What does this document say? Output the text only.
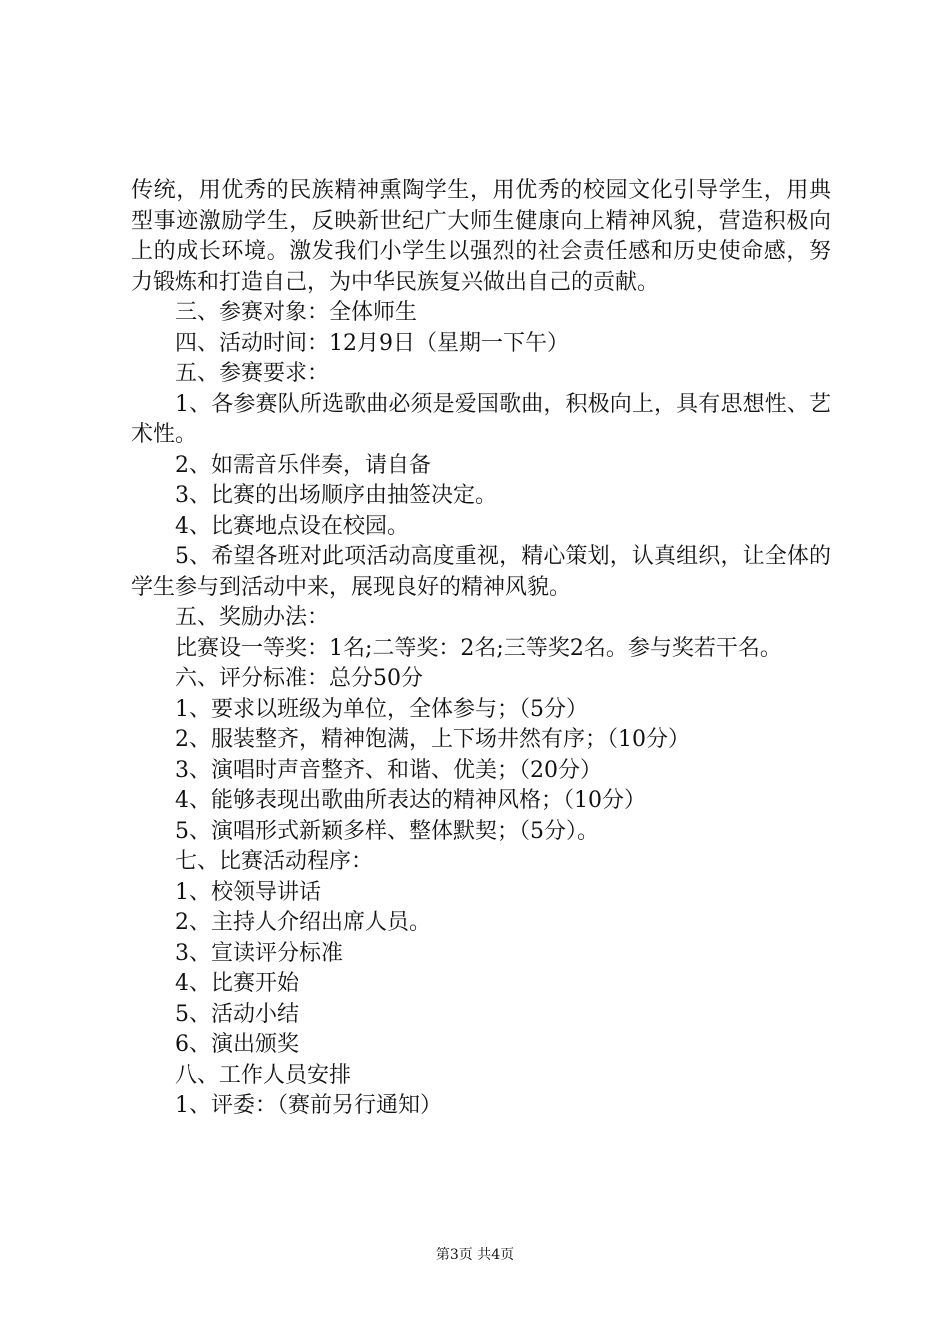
传统，用优秀的民族精神熏陶学生，用优秀的校园文化引导学生，用典型事迹激励学生，反映新世纪广大师生健康向上精神风貌，营造积极向上的成长环境。激发我们小学生以强烈的社会责任感和历史使命感，努力锻炼和打造自己，为中华民族复兴做出自己的贡献。

三、参赛对象：全体师生

四、活动时间：12月9日（星期一下午）

五、参赛要求：

1、各参赛队所选歌曲必须是爱国歌曲，积极向上，具有思想性、艺术性。

2、如需音乐伴奏，请自备

3、比赛的出场顺序由抽签决定。

4、比赛地点设在校园。

5、希望各班对此项活动高度重视，精心策划，认真组织，让全体的学生参与到活动中来，展现良好的精神风貌。

五、奖励办法：

比赛设一等奖：1名;二等奖：2名;三等奖2名。参与奖若干名。

六、评分标准：总分50分

1、要求以班级为单位，全体参与；（5分）

2、服装整齐，精神饱满，上下场井然有序；（10分）

3、演唱时声音整齐、和谐、优美；（20分）

4、能够表现出歌曲所表达的精神风格；（10分）

5、演唱形式新颖多样、整体默契；（5分）。

七、比赛活动程序：

1、校领导讲话

2、主持人介绍出席人员。

3、宣读评分标准

4、比赛开始

5、活动小结

6、演出颁奖

八、工作人员安排

1、评委：（赛前另行通知）

第3页 共4页
